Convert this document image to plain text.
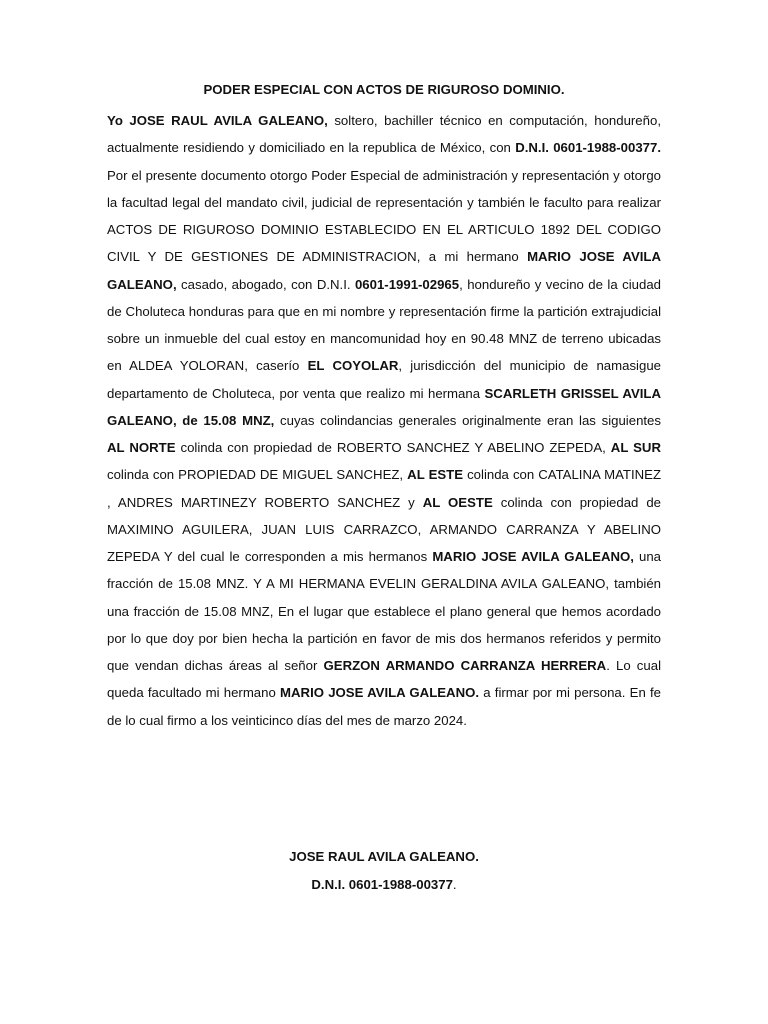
PODER ESPECIAL CON ACTOS DE RIGUROSO DOMINIO.

Yo JOSE RAUL AVILA GALEANO, soltero, bachiller técnico en computación, hondureño, actualmente residiendo y domiciliado en la republica de México, con D.N.I. 0601-1988-00377. Por el presente documento otorgo Poder Especial de administración y representación y otorgo la facultad legal del mandato civil, judicial de representación y también le faculto para realizar ACTOS DE RIGUROSO DOMINIO ESTABLECIDO EN EL ARTICULO 1892 DEL CODIGO CIVIL Y DE GESTIONES DE ADMINISTRACION, a mi hermano MARIO JOSE AVILA GALEANO, casado, abogado, con D.N.I. 0601-1991-02965, hondureño y vecino de la ciudad de Choluteca honduras para que en mi nombre y representación firme la partición extrajudicial sobre un inmueble del cual estoy en mancomunidad hoy en 90.48 MNZ de terreno ubicadas en ALDEA YOLORAN, caserío EL COYOLAR, jurisdicción del municipio de namasigue departamento de Choluteca, por venta que realizo mi hermana SCARLETH GRISSEL AVILA GALEANO, de 15.08 MNZ, cuyas colindancias generales originalmente eran las siguientes AL NORTE colinda con propiedad de ROBERTO SANCHEZ Y ABELINO ZEPEDA, AL SUR colinda con PROPIEDAD DE MIGUEL SANCHEZ, AL ESTE colinda con CATALINA MATINEZ , ANDRES MARTINEZY ROBERTO SANCHEZ y AL OESTE colinda con propiedad de MAXIMINO AGUILERA, JUAN LUIS CARRAZCO, ARMANDO CARRANZA Y ABELINO ZEPEDA Y del cual le corresponden a mis hermanos MARIO JOSE AVILA GALEANO, una fracción de 15.08 MNZ. Y A MI HERMANA EVELIN GERALDINA AVILA GALEANO, también una fracción de 15.08 MNZ, En el lugar que establece el plano general que hemos acordado por lo que doy por bien hecha la partición en favor de mis dos hermanos referidos y permito que vendan dichas áreas al señor GERZON ARMANDO CARRANZA HERRERA. Lo cual queda facultado mi hermano MARIO JOSE AVILA GALEANO. a firmar por mi persona. En fe de lo cual firmo a los veinticinco días del mes de marzo 2024.

JOSE RAUL AVILA GALEANO.
D.N.I. 0601-1988-00377.
